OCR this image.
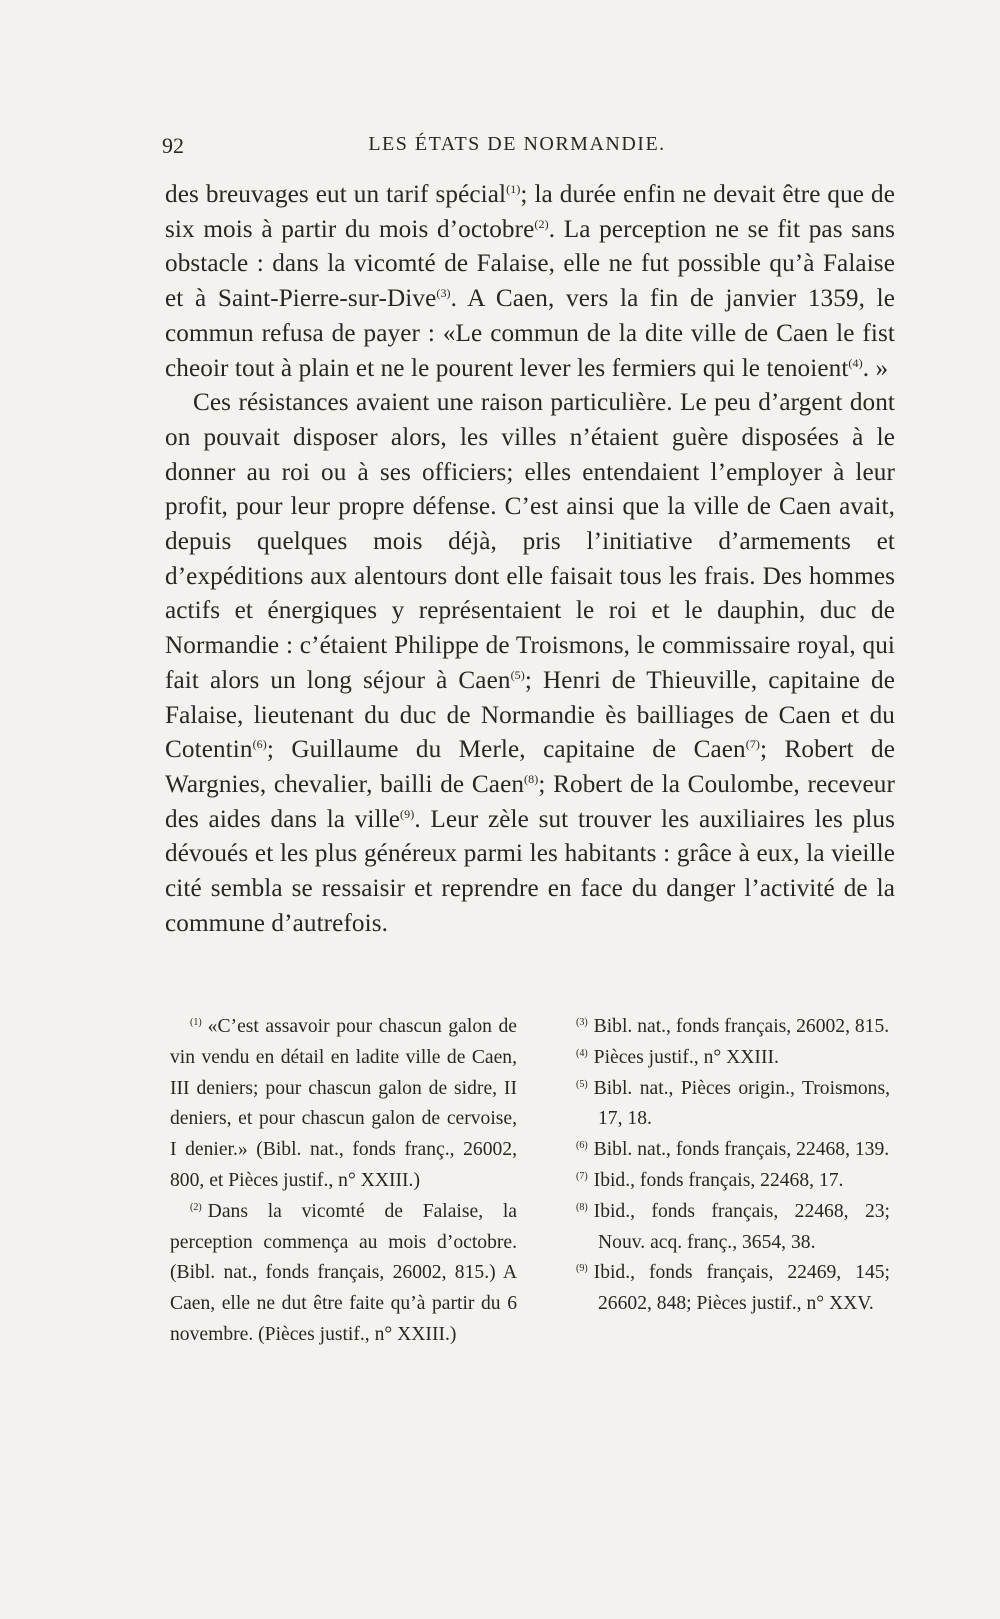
92	LES ÉTATS DE NORMANDIE.

des breuvages eut un tarif spécial$^{(1)}$; la durée enfin ne devait être que de six mois à partir du mois d’octobre$^{(2)}$. La perception ne se fit pas sans obstacle : dans la vicomté de Falaise, elle ne fut possible qu’à Falaise et à Saint-Pierre-sur-Dive$^{(3)}$. A Caen, vers la fin de janvier 1359, le commun refusa de payer : «Le commun de la dite ville de Caen le fist cheoir tout à plain et ne le pourent lever les fermiers qui le tenoient$^{(4)}$. »

Ces résistances avaient une raison particulière. Le peu d’argent dont on pouvait disposer alors, les villes n’étaient guère disposées à le donner au roi ou à ses officiers; elles entendaient l’employer à leur profit, pour leur propre défense. C’est ainsi que la ville de Caen avait, depuis quelques mois déjà, pris l’initiative d’armements et d’expéditions aux alentours dont elle faisait tous les frais. Des hommes actifs et énergiques y représentaient le roi et le dauphin, duc de Normandie : c’étaient Philippe de Troismons, le commissaire royal, qui fait alors un long séjour à Caen$^{(5)}$; Henri de Thieuville, capitaine de Falaise, lieutenant du duc de Normandie ès bailliages de Caen et du Cotentin$^{(6)}$; Guillaume du Merle, capitaine de Caen$^{(7)}$; Robert de Wargnies, chevalier, bailli de Caen$^{(8)}$; Robert de la Coulombe, receveur des aides dans la ville$^{(9)}$. Leur zèle sut trouver les auxiliaires les plus dévoués et les plus généreux parmi les habitants : grâce à eux, la vieille cité sembla se ressaisir et reprendre en face du danger l’activité de la commune d’autrefois.

$^{(1)}$ «C’est assavoir pour chascun galon de vin vendu en détail en ladite ville de Caen, III deniers; pour chascun galon de sidre, II deniers, et pour chascun galon de cervoise, I denier.» (Bibl. nat., fonds franç., 26002, 800, et Pièces justif., n° XXIII.)

$^{(2)}$ Dans la vicomté de Falaise, la perception commença au mois d’octobre. (Bibl. nat., fonds français, 26002, 815.) A Caen, elle ne dut être faite qu’à partir du 6 novembre. (Pièces justif., n° XXIII.)

$^{(3)}$ Bibl. nat., fonds français, 26002, 815.

$^{(4)}$ Pièces justif., n° XXIII.

$^{(5)}$ Bibl. nat., Pièces origin., Troismons, 17, 18.

$^{(6)}$ Bibl. nat., fonds français, 22468, 139.

$^{(7)}$ Ibid., fonds français, 22468, 17.

$^{(8)}$ Ibid., fonds français, 22468, 23; Nouv. acq. franç., 3654, 38.

$^{(9)}$ Ibid., fonds français, 22469, 145; 26602, 848; Pièces justif., n° XXV.
